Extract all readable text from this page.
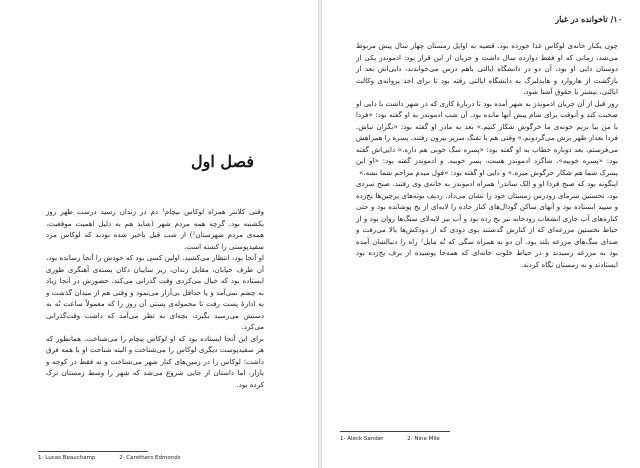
فصل اول

وقتی کلانتر همراه لوکاس بیچام¹ دم در زندان رسید درست ظهر روز یکشنبه بود. گرچه همه مردم شهر (شاید هم به دلیل اهمیت موقعیت، همه‌ی مردم شهرستان²) از شب قبل باخبر شده بودند که لوکاس مرد سفیدپوستی را کشته است.

او آنجا بود، انتظار می‌کشید. اولین کسی بود که خودش را آنجا رسانده بود، آن طرف خیابان، مقابل زندان، زیر سایبان دکان بسته‌ی آهنگری طوری ایستاده بود که خیال می‌کردی وقت گذرانی می‌کند، حضورش در آنجا زیاد به چشم نمی‌آمد و یا حداقل بی‌آزار می‌نمود و وقتی هم از میدان گذشت و به ادارهٔ پست رفت تا محموله‌ی پستی آن روز را که معمولاً ساعت نُه به دستش می‌رسید بگیرد، بچه‌ای به نظر می‌آمد که داشت وقت‌گذرانی می‌کرد.

برای این آنجا ایستاده بود که او لوکاس بیچام را می‌شناخت. همانطور که هر سفیدپوست دیگری لوکاس را می‌شناخت و البته شناخت او با همه فرق داشت؛ لوکاس را در زمین‌های کنار شهر می‌شناخت و نه فقط در کوچه و بازار، اما داستان از جایی شروع می‌شد که شهر را وسط زمستان ترک کرده بود.

1- Lucas Beauchamp	2- Carothers Edmonds
۱۰/ تاخوانده در غبار

چون یکبار خانه‌ی لوکاس غذا خورده بود. قضیه به اوایل زمستان چهار سال پیش مربوط می‌شد، زمانی که او فقط دوازده سال داشت و جریان از این قرار بود: ادموندز یکی از دوستان دایی او بود، آن دو در دانشگاه ایالتی باهم درس می‌خواندند، دایی‌اش بعد از بازگشت از هاروارد و هایدلبرگ به دانشگاه ایالتی رفته بود تا برای اخذ پروانه‌ی وکالت ایالتی، بیشتر با حقوق آشنا شود.

روز قبل از آن جریان ادموندز به شهر آمده بود تا دربارهٔ کاری که در شهر داشت با دایی او صحبت کند و آنوقت برای شام پیش آنها مانده بود. آن شب ادموندز به او گفته بود: «فردا با من بیا بریم خونه‌ی ما خرگوش شکار کنیم.» بعد به مادر او گفته بود: «نگران نباش. فردا بعداز ظهر برش می‌گردونم.» وقتی هم با تفنگ سرپر بیرون رفتند، پسره را همراهش می‌فرستم، بعد دوباره خطاب به او گفته بود: «پسره سگ خوبی هم داره.» دایی‌اش گفته بود: «پسره خوبیه». شاگرد ادموندز هست، پسر خوبیه. و ادموندز گفته بود: «او این پسرک شما هم شکار خرگوش میره.» و دایی او گفته بود: «قول میدم مزاحم شما نشه.»

اینگونه بود که صبح فردا او و الک ساندر¹ همراه ادموندز به خانه‌ی وی رفتند. صبح سردی بود، نخستین سرمای زودرس زمستان خود را نشان می‌داد. ردیف بوته‌های پرچین‌ها یخ‌زده و سپید ایستاده بود و آنهای ساکن گودال‌های کنار جاده را لایه‌ای از یخ پوشانده بود و حتی کناره‌های آب جاری انشعاب رودخانه نیز یخ زده بود و آب نیز لابه‌لای سنگ‌ها روان بود و از حیاط نخستین مزرعه‌ای که از کنارش گذشتند بوی دودی که از دودکش‌ها بالا می‌رفت و صدای سگ‌های مزرعه بلند بود. آن دو به همراه سگی که نُه مایل² راه را دنبالشان آمده بود به مزرعه رسیدند و در حیاط خلوت خانه‌ای که همه‌جا پوشیده از برف یخ‌زده بود ایستادند و به زمستان نگاه کردند.

1- Aleck Sander	2- Nine Mile
